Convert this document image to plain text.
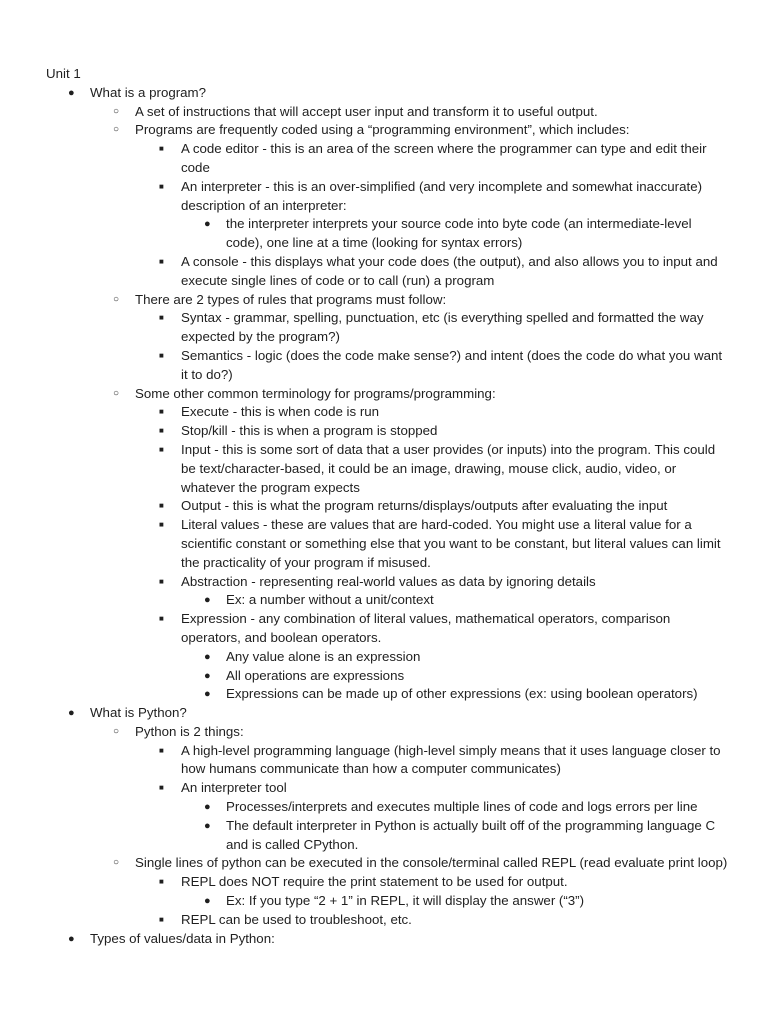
Unit 1
● What is a program?
○ A set of instructions that will accept user input and transform it to useful output.
○ Programs are frequently coded using a “programming environment”, which includes:
■ A code editor - this is an area of the screen where the programmer can type and edit their code
■ An interpreter - this is an over-simplified (and very incomplete and somewhat inaccurate) description of an interpreter:
● the interpreter interprets your source code into byte code (an intermediate-level code), one line at a time (looking for syntax errors)
■ A console - this displays what your code does (the output), and also allows you to input and execute single lines of code or to call (run) a program
○ There are 2 types of rules that programs must follow:
■ Syntax - grammar, spelling, punctuation, etc (is everything spelled and formatted the way expected by the program?)
■ Semantics - logic (does the code make sense?) and intent (does the code do what you want it to do?)
○ Some other common terminology for programs/programming:
■ Execute - this is when code is run
■ Stop/kill - this is when a program is stopped
■ Input - this is some sort of data that a user provides (or inputs) into the program. This could be text/character-based, it could be an image, drawing, mouse click, audio, video, or whatever the program expects
■ Output - this is what the program returns/displays/outputs after evaluating the input
■ Literal values - these are values that are hard-coded. You might use a literal value for a scientific constant or something else that you want to be constant, but literal values can limit the practicality of your program if misused.
■ Abstraction - representing real-world values as data by ignoring details
● Ex: a number without a unit/context
■ Expression - any combination of literal values, mathematical operators, comparison operators, and boolean operators.
● Any value alone is an expression
● All operations are expressions
● Expressions can be made up of other expressions (ex: using boolean operators)
● What is Python?
○ Python is 2 things:
■ A high-level programming language (high-level simply means that it uses language closer to how humans communicate than how a computer communicates)
■ An interpreter tool
● Processes/interprets and executes multiple lines of code and logs errors per line
● The default interpreter in Python is actually built off of the programming language C and is called CPython.
○ Single lines of python can be executed in the console/terminal called REPL (read evaluate print loop)
■ REPL does NOT require the print statement to be used for output.
● Ex: If you type “2 + 1” in REPL, it will display the answer (“3”)
■ REPL can be used to troubleshoot, etc.
● Types of values/data in Python:
